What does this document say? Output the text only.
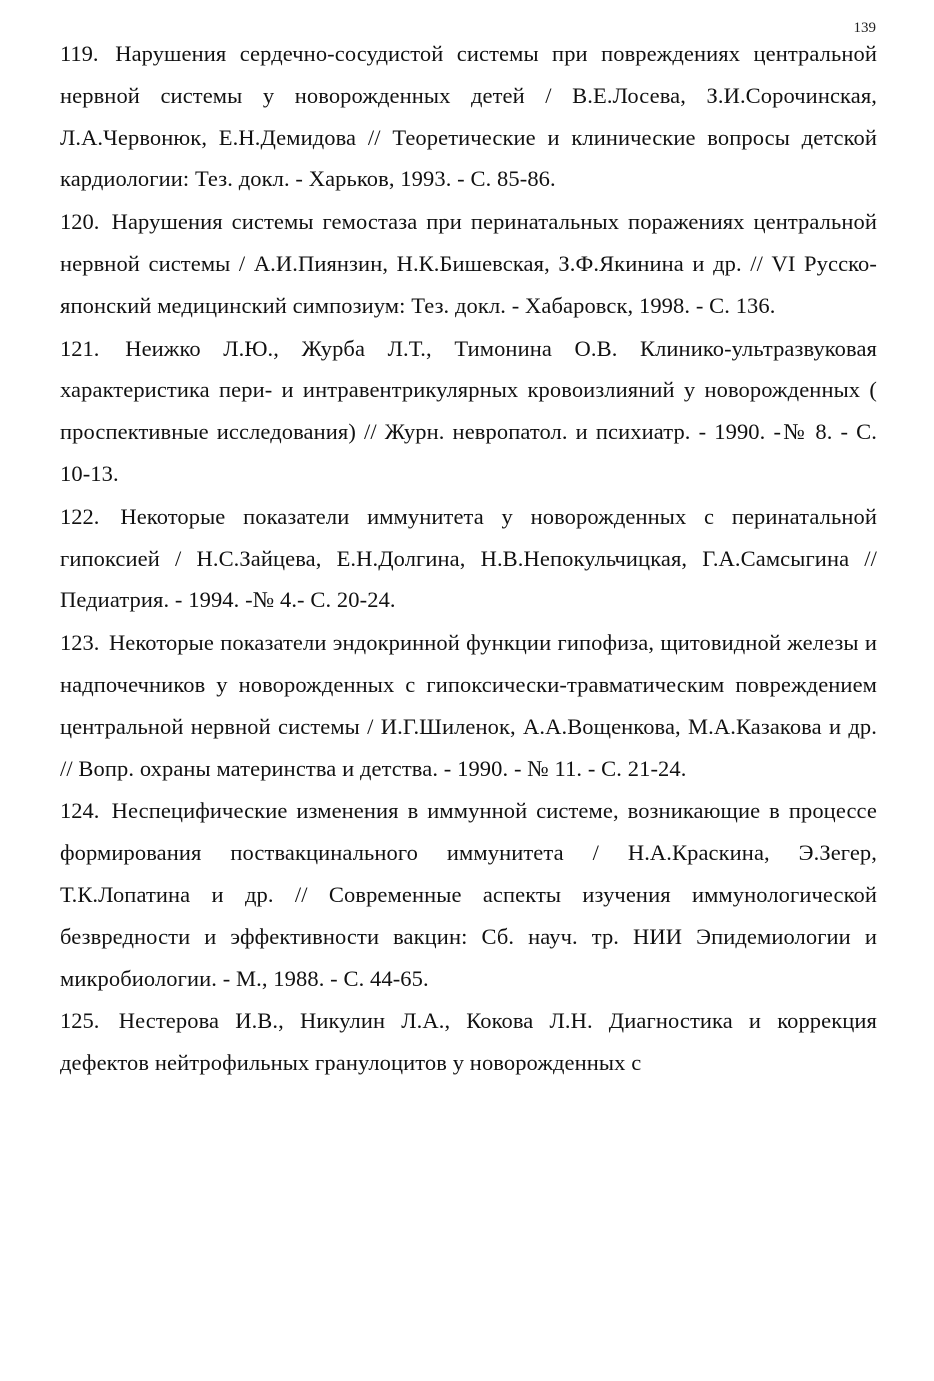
139

119. Нарушения сердечно-сосудистой системы при повреждениях центральной нервной системы у новорожденных детей / В.Е.Лосева, З.И.Сорочинская, Л.А.Червонюк, Е.Н.Демидова // Теоретические и клинические вопросы детской кардиологии: Тез. докл. - Харьков, 1993. - С. 85-86.

120. Нарушения системы гемостаза при перинатальных поражениях центральной нервной системы / А.И.Пиянзин, Н.К.Бишевская, З.Ф.Якинина и др. // VI Русско-японский медицинский симпозиум: Тез. докл. - Хабаровск, 1998. - С. 136.

121. Неижко Л.Ю., Журба Л.Т., Тимонина О.В. Клинико-ультразвуковая характеристика пери- и интравентрикулярных кровоизлияний у новорожденных ( проспективные исследования) // Журн. невропатол. и психиатр. - 1990. -№ 8. - С. 10-13.

122. Некоторые показатели иммунитета у новорожденных с перинатальной гипоксией / Н.С.Зайцева, Е.Н.Долгина, Н.В.Непокульчицкая, Г.А.Самсыгина // Педиатрия. - 1994. -№ 4.- С. 20-24.

123. Некоторые показатели эндокринной функции гипофиза, щитовидной железы и надпочечников у новорожденных с гипоксически-травматическим повреждением центральной нервной системы / И.Г.Шиленок, А.А.Вощенкова, М.А.Казакова и др. // Вопр. охраны материнства и детства. - 1990. - № 11. - С. 21-24.

124. Неспецифические изменения в иммунной системе, возникающие в процессе формирования поствакцинального иммунитета / Н.А.Краскина, Э.Зегер, Т.К.Лопатина и др. // Современные аспекты изучения иммунологической безвредности и эффективности вакцин: Сб. науч. тр. НИИ Эпидемиологии и микробиологии. - М., 1988. - С. 44-65.

125. Нестерова И.В., Никулин Л.А., Кокова Л.Н. Диагностика и коррекция дефектов нейтрофильных гранулоцитов у новорожденных с
